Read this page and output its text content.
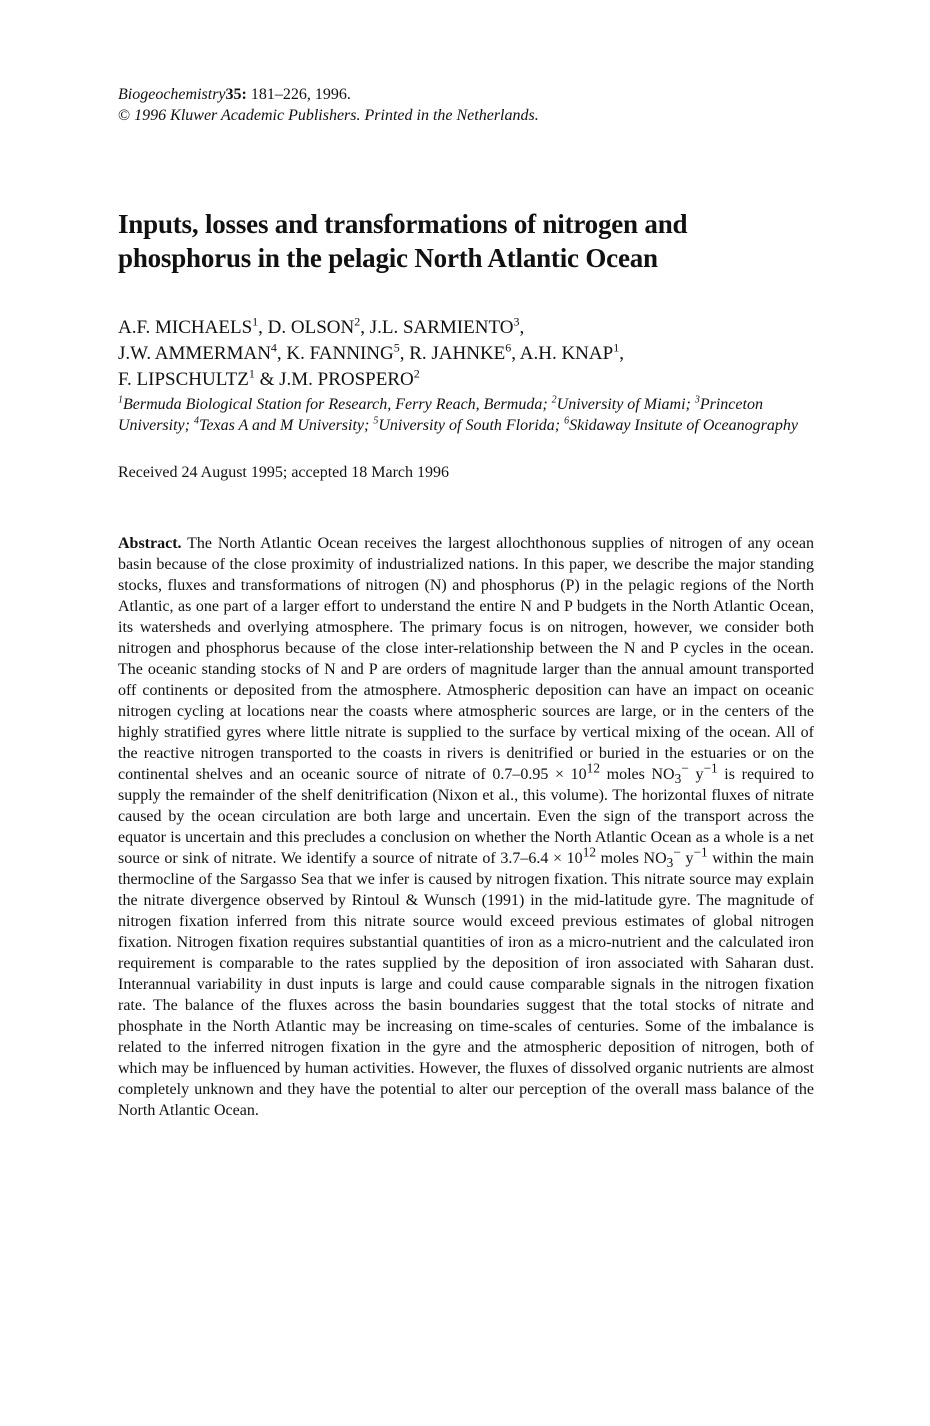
Biogeochemistry35: 181–226, 1996.
© 1996 Kluwer Academic Publishers. Printed in the Netherlands.
Inputs, losses and transformations of nitrogen and
phosphorus in the pelagic North Atlantic Ocean
A.F. MICHAELS$^1$, D. OLSON$^2$, J.L. SARMIENTO$^3$,
J.W. AMMERMAN$^4$, K. FANNING$^5$, R. JAHNKE$^6$, A.H. KNAP$^1$,
F. LIPSCHULTZ$^1$ & J.M. PROSPERO$^2$
$^1$Bermuda Biological Station for Research, Ferry Reach, Bermuda; $^2$University of Miami; $^3$Princeton University; $^4$Texas A and M University; $^5$University of South Florida; $^6$Skidaway Insitute of Oceanography
Received 24 August 1995; accepted 18 March 1996
Abstract. The North Atlantic Ocean receives the largest allochthonous supplies of nitrogen of any ocean basin because of the close proximity of industrialized nations. In this paper, we describe the major standing stocks, fluxes and transformations of nitrogen (N) and phosphorus (P) in the pelagic regions of the North Atlantic, as one part of a larger effort to understand the entire N and P budgets in the North Atlantic Ocean, its watersheds and overlying atmosphere. The primary focus is on nitrogen, however, we consider both nitrogen and phosphorus because of the close inter-relationship between the N and P cycles in the ocean. The oceanic standing stocks of N and P are orders of magnitude larger than the annual amount transported off continents or deposited from the atmosphere. Atmospheric deposition can have an impact on oceanic nitrogen cycling at locations near the coasts where atmospheric sources are large, or in the centers of the highly stratified gyres where little nitrate is supplied to the surface by vertical mixing of the ocean. All of the reactive nitrogen transported to the coasts in rivers is denitrified or buried in the estuaries or on the continental shelves and an oceanic source of nitrate of $0.7-0.95 \times 10^{12}$ moles $NO_3^-$ $y^{-1}$ is required to supply the remainder of the shelf denitrification (Nixon et al., this volume). The horizontal fluxes of nitrate caused by the ocean circulation are both large and uncertain. Even the sign of the transport across the equator is uncertain and this precludes a conclusion on whether the North Atlantic Ocean as a whole is a net source or sink of nitrate. We identify a source of nitrate of $3.7-6.4 \times 10^{12}$ moles $NO_3^-$ $y^{-1}$ within the main thermocline of the Sargasso Sea that we infer is caused by nitrogen fixation. This nitrate source may explain the nitrate divergence observed by Rintoul & Wunsch (1991) in the mid-latitude gyre. The magnitude of nitrogen fixation inferred from this nitrate source would exceed previous estimates of global nitrogen fixation. Nitrogen fixation requires substantial quantities of iron as a micro-nutrient and the calculated iron requirement is comparable to the rates supplied by the deposition of iron associated with Saharan dust. Interannual variability in dust inputs is large and could cause comparable signals in the nitrogen fixation rate. The balance of the fluxes across the basin boundaries suggest that the total stocks of nitrate and phosphate in the North Atlantic may be increasing on time-scales of centuries. Some of the imbalance is related to the inferred nitrogen fixation in the gyre and the atmospheric deposition of nitrogen, both of which may be influenced by human activities. However, the fluxes of dissolved organic nutrients are almost completely unknown and they have the potential to alter our perception of the overall mass balance of the North Atlantic Ocean.
